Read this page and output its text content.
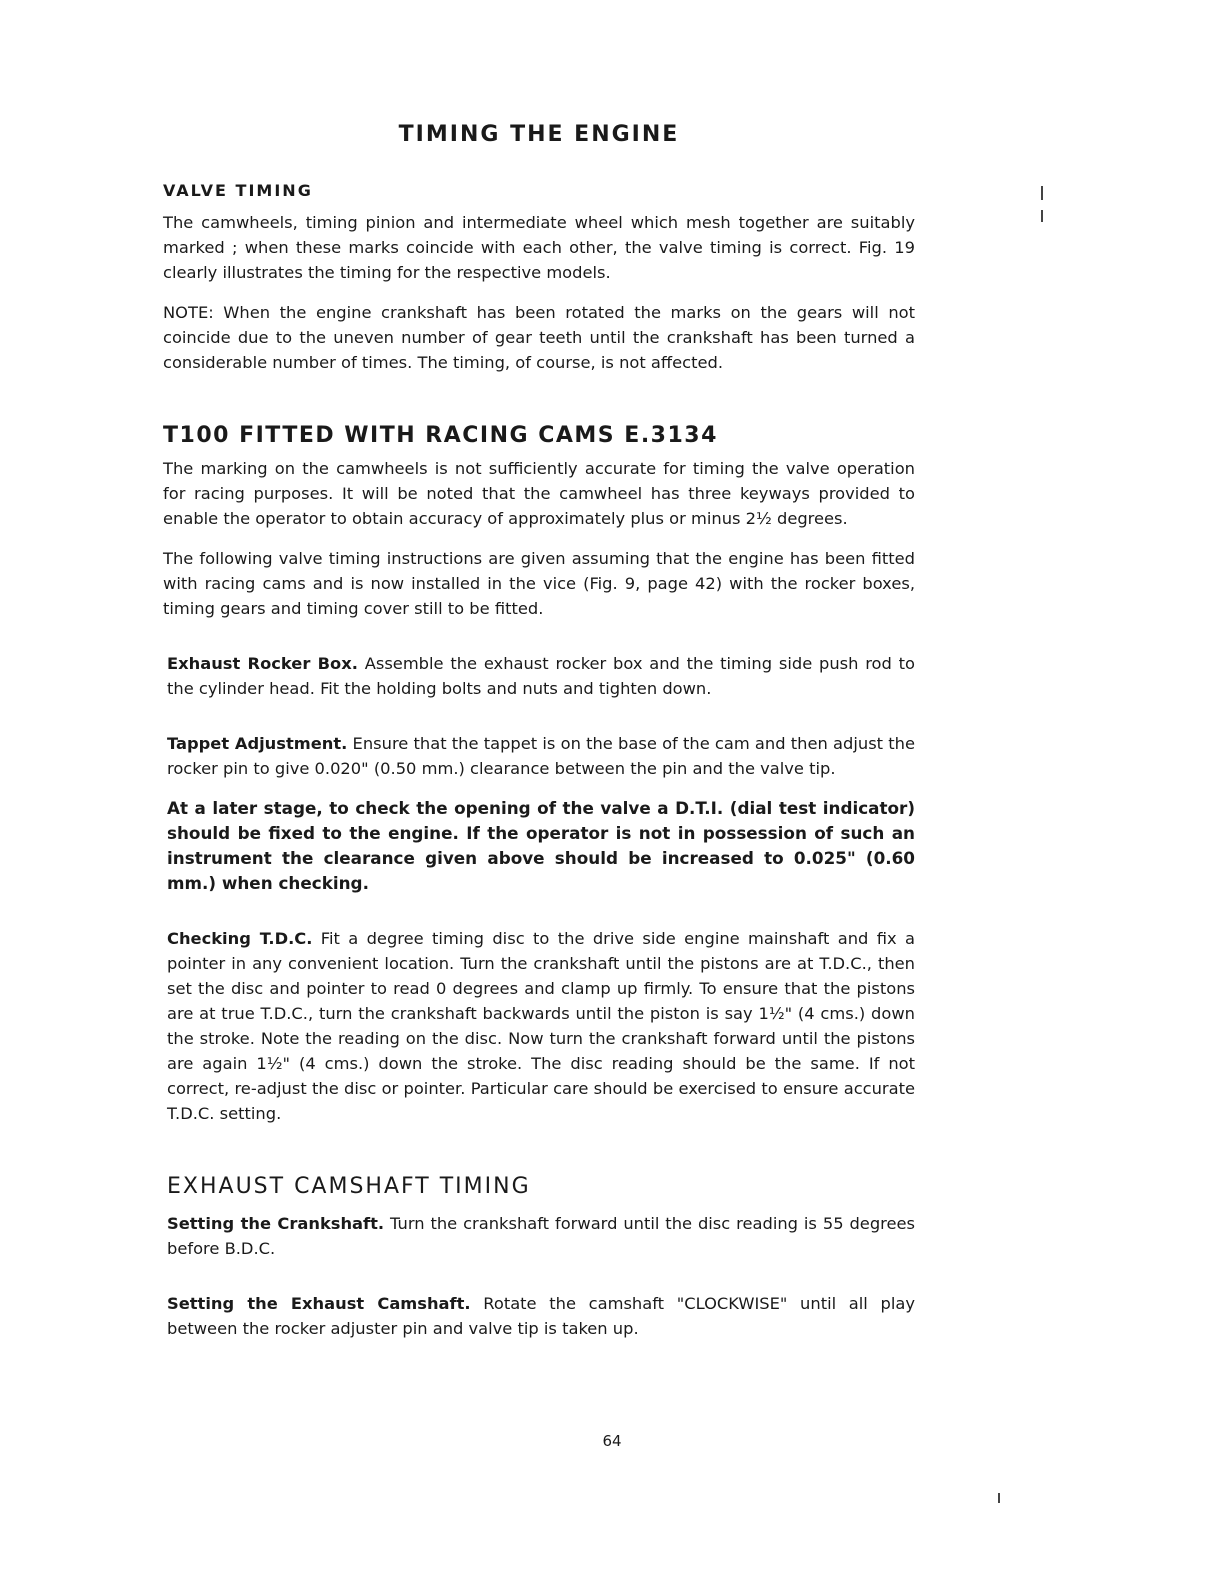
TIMING THE ENGINE
VALVE TIMING

The camwheels, timing pinion and intermediate wheel which mesh together are suitably marked ; when these marks coincide with each other, the valve timing is correct. Fig. 19 clearly illustrates the timing for the respective models.

NOTE: When the engine crankshaft has been rotated the marks on the gears will not coincide due to the uneven number of gear teeth until the crankshaft has been turned a considerable number of times. The timing, of course, is not affected.

T100 FITTED WITH RACING CAMS E.3134

The marking on the camwheels is not sufficiently accurate for timing the valve operation for racing purposes. It will be noted that the camwheel has three keyways provided to enable the operator to obtain accuracy of approximately plus or minus 2½ degrees.

The following valve timing instructions are given assuming that the engine has been fitted with racing cams and is now installed in the vice (Fig. 9, page 42) with the rocker boxes, timing gears and timing cover still to be fitted.

Exhaust Rocker Box. Assemble the exhaust rocker box and the timing side push rod to the cylinder head. Fit the holding bolts and nuts and tighten down.

Tappet Adjustment. Ensure that the tappet is on the base of the cam and then adjust the rocker pin to give 0.020" (0.50 mm.) clearance between the pin and the valve tip.

At a later stage, to check the opening of the valve a D.T.I. (dial test indicator) should be fixed to the engine. If the operator is not in possession of such an instrument the clearance given above should be increased to 0.025" (0.60 mm.) when checking.

Checking T.D.C. Fit a degree timing disc to the drive side engine mainshaft and fix a pointer in any convenient location. Turn the crankshaft until the pistons are at T.D.C., then set the disc and pointer to read 0 degrees and clamp up firmly. To ensure that the pistons are at true T.D.C., turn the crankshaft backwards until the piston is say 1½" (4 cms.) down the stroke. Note the reading on the disc. Now turn the crankshaft forward until the pistons are again 1½" (4 cms.) down the stroke. The disc reading should be the same. If not correct, re-adjust the disc or pointer. Particular care should be exercised to ensure accurate T.D.C. setting.

EXHAUST CAMSHAFT TIMING

Setting the Crankshaft. Turn the crankshaft forward until the disc reading is 55 degrees before B.D.C.

Setting the Exhaust Camshaft. Rotate the camshaft "CLOCKWISE" until all play between the rocker adjuster pin and valve tip is taken up.

64
